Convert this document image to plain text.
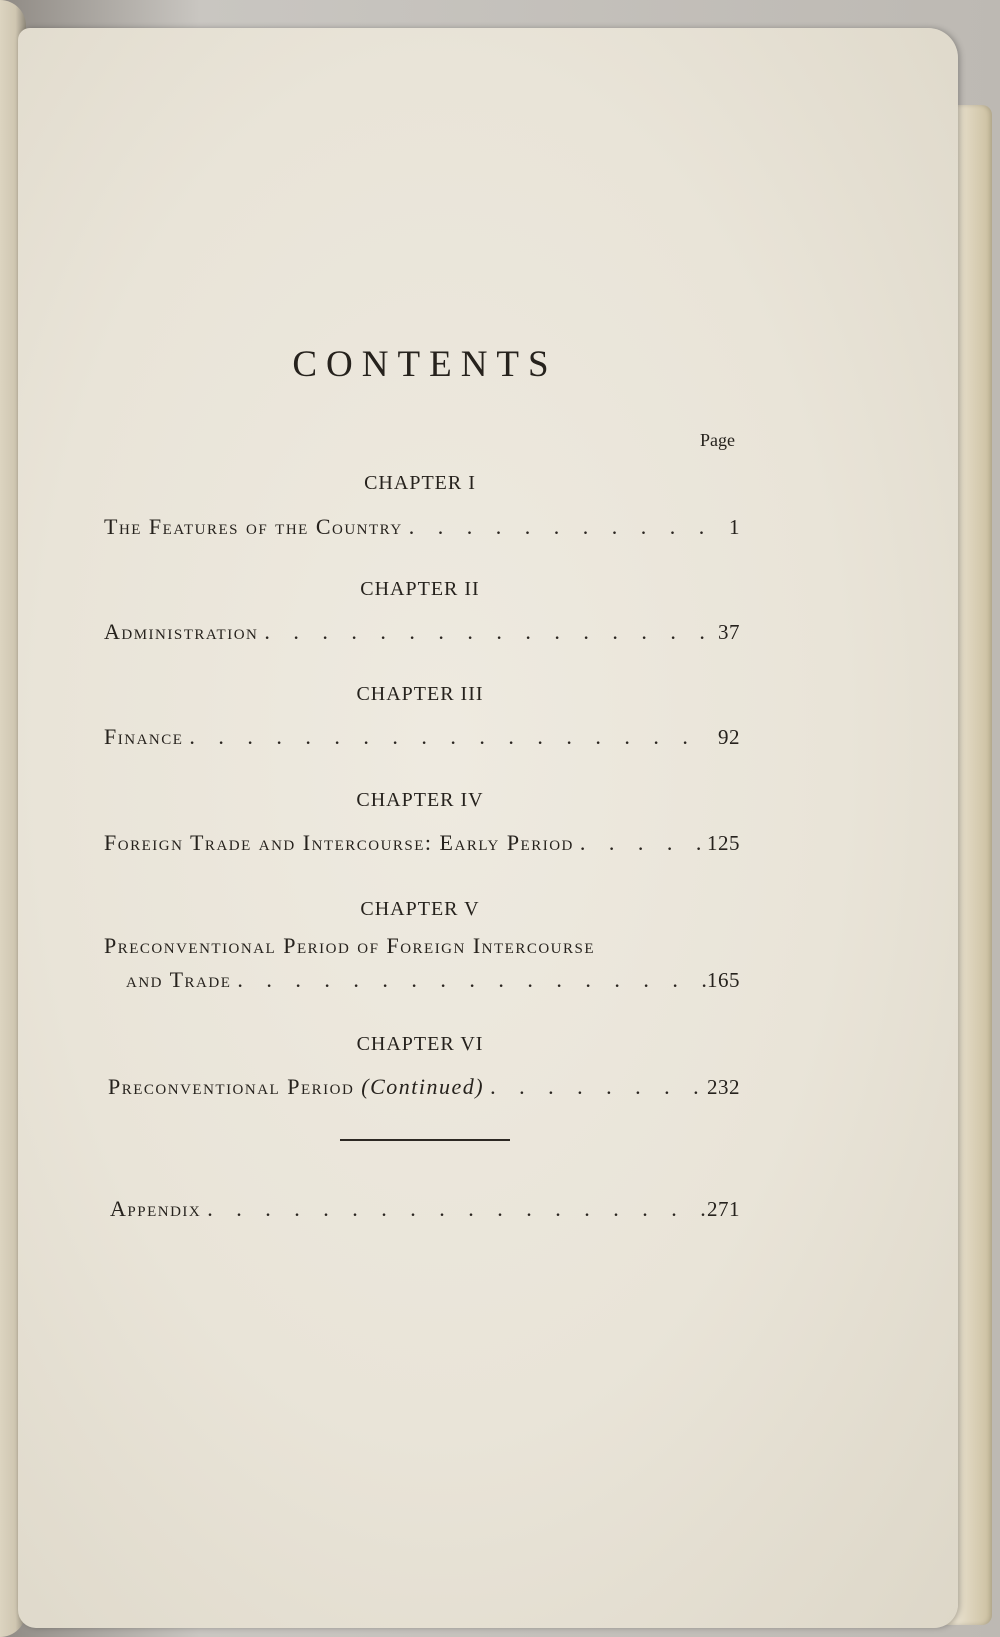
CONTENTS
Page
CHAPTER I
The Features of the Country . . .	1
CHAPTER II
Administration . . .	37
CHAPTER III
Finance . . .	92
CHAPTER IV
Foreign Trade and Intercourse: Early Period . . .	125
CHAPTER V
Preconventional Period of Foreign Intercourse
and Trade . . .	165
CHAPTER VI
Preconventional Period (Continued) . . .	232
Appendix . . .	271
